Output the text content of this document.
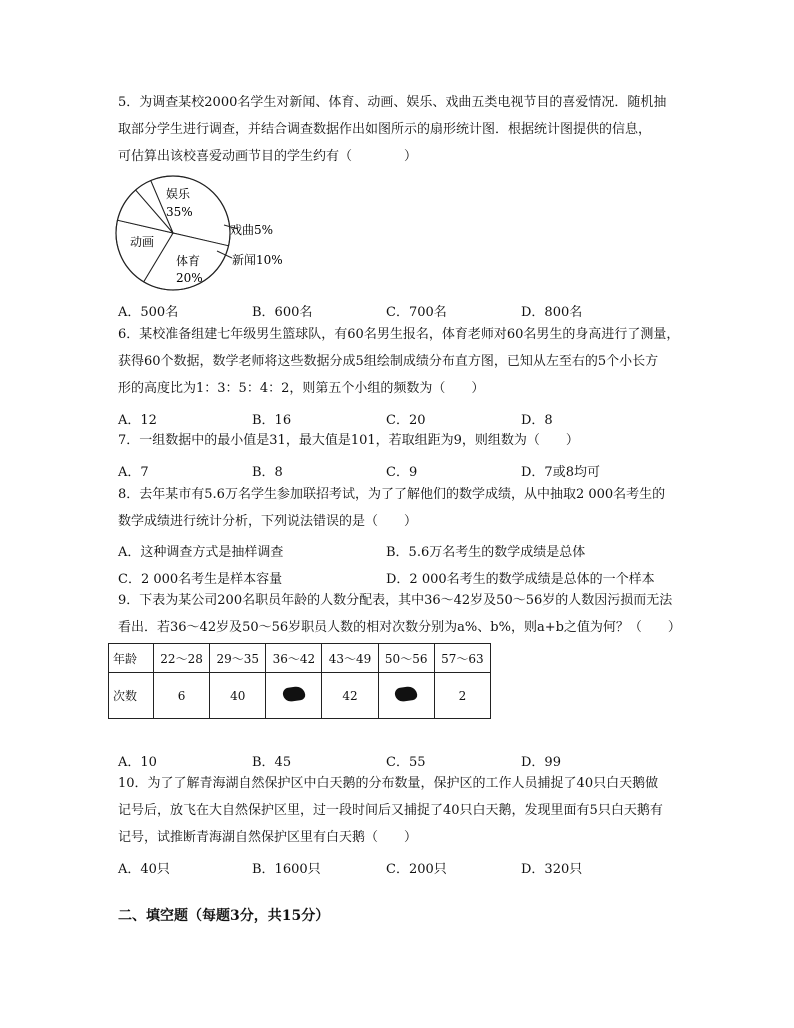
5．为调查某校2000名学生对新闻、体育、动画、娱乐、戏曲五类电视节目的喜爱情况．随机抽
取部分学生进行调查，并结合调查数据作出如图所示的扇形统计图．根据统计图提供的信息，
可估算出该校喜爱动画节目的学生约有（　　　　）
娱乐
35%
动画
体育
20%
戏曲5%
新闻10%
A．500名	B．600名	C．700名	D．800名
6．某校准备组建七年级男生篮球队，有60名男生报名，体育老师对60名男生的身高进行了测量，
获得60个数据，数学老师将这些数据分成5组绘制成绩分布直方图，已知从左至右的5个小长方
形的高度比为1：3：5：4：2，则第五个小组的频数为（　　）
A．12	B．16	C．20	D．8
7．一组数据中的最小值是31，最大值是101，若取组距为9，则组数为（　　）
A．7	B．8	C．9	D．7或8均可
8．去年某市有5.6万名学生参加联招考试，为了了解他们的数学成绩，从中抽取2 000名考生的
数学成绩进行统计分析，下列说法错误的是（　　）
A．这种调查方式是抽样调查	B．5.6万名考生的数学成绩是总体
C．2 000名考生是样本容量	D．2 000名考生的数学成绩是总体的一个样本
9．下表为某公司200名职员年龄的人数分配表，其中36～42岁及50～56岁的人数因污损而无法
看出．若36～42岁及50～56岁职员人数的相对次数分别为a%、b%，则a+b之值为何？（　　）
年龄	22～28	29～35	36～42	43～49	50～56	57～63
次数	6	40		42		2
A．10	B．45	C．55	D．99
10．为了了解青海湖自然保护区中白天鹅的分布数量，保护区的工作人员捕捉了40只白天鹅做
记号后，放飞在大自然保护区里，过一段时间后又捕捉了40只白天鹅，发现里面有5只白天鹅有
记号，试推断青海湖自然保护区里有白天鹅（　　）
A．40只	B．1600只	C．200只	D．320只
二、填空题（每题3分，共15分）
